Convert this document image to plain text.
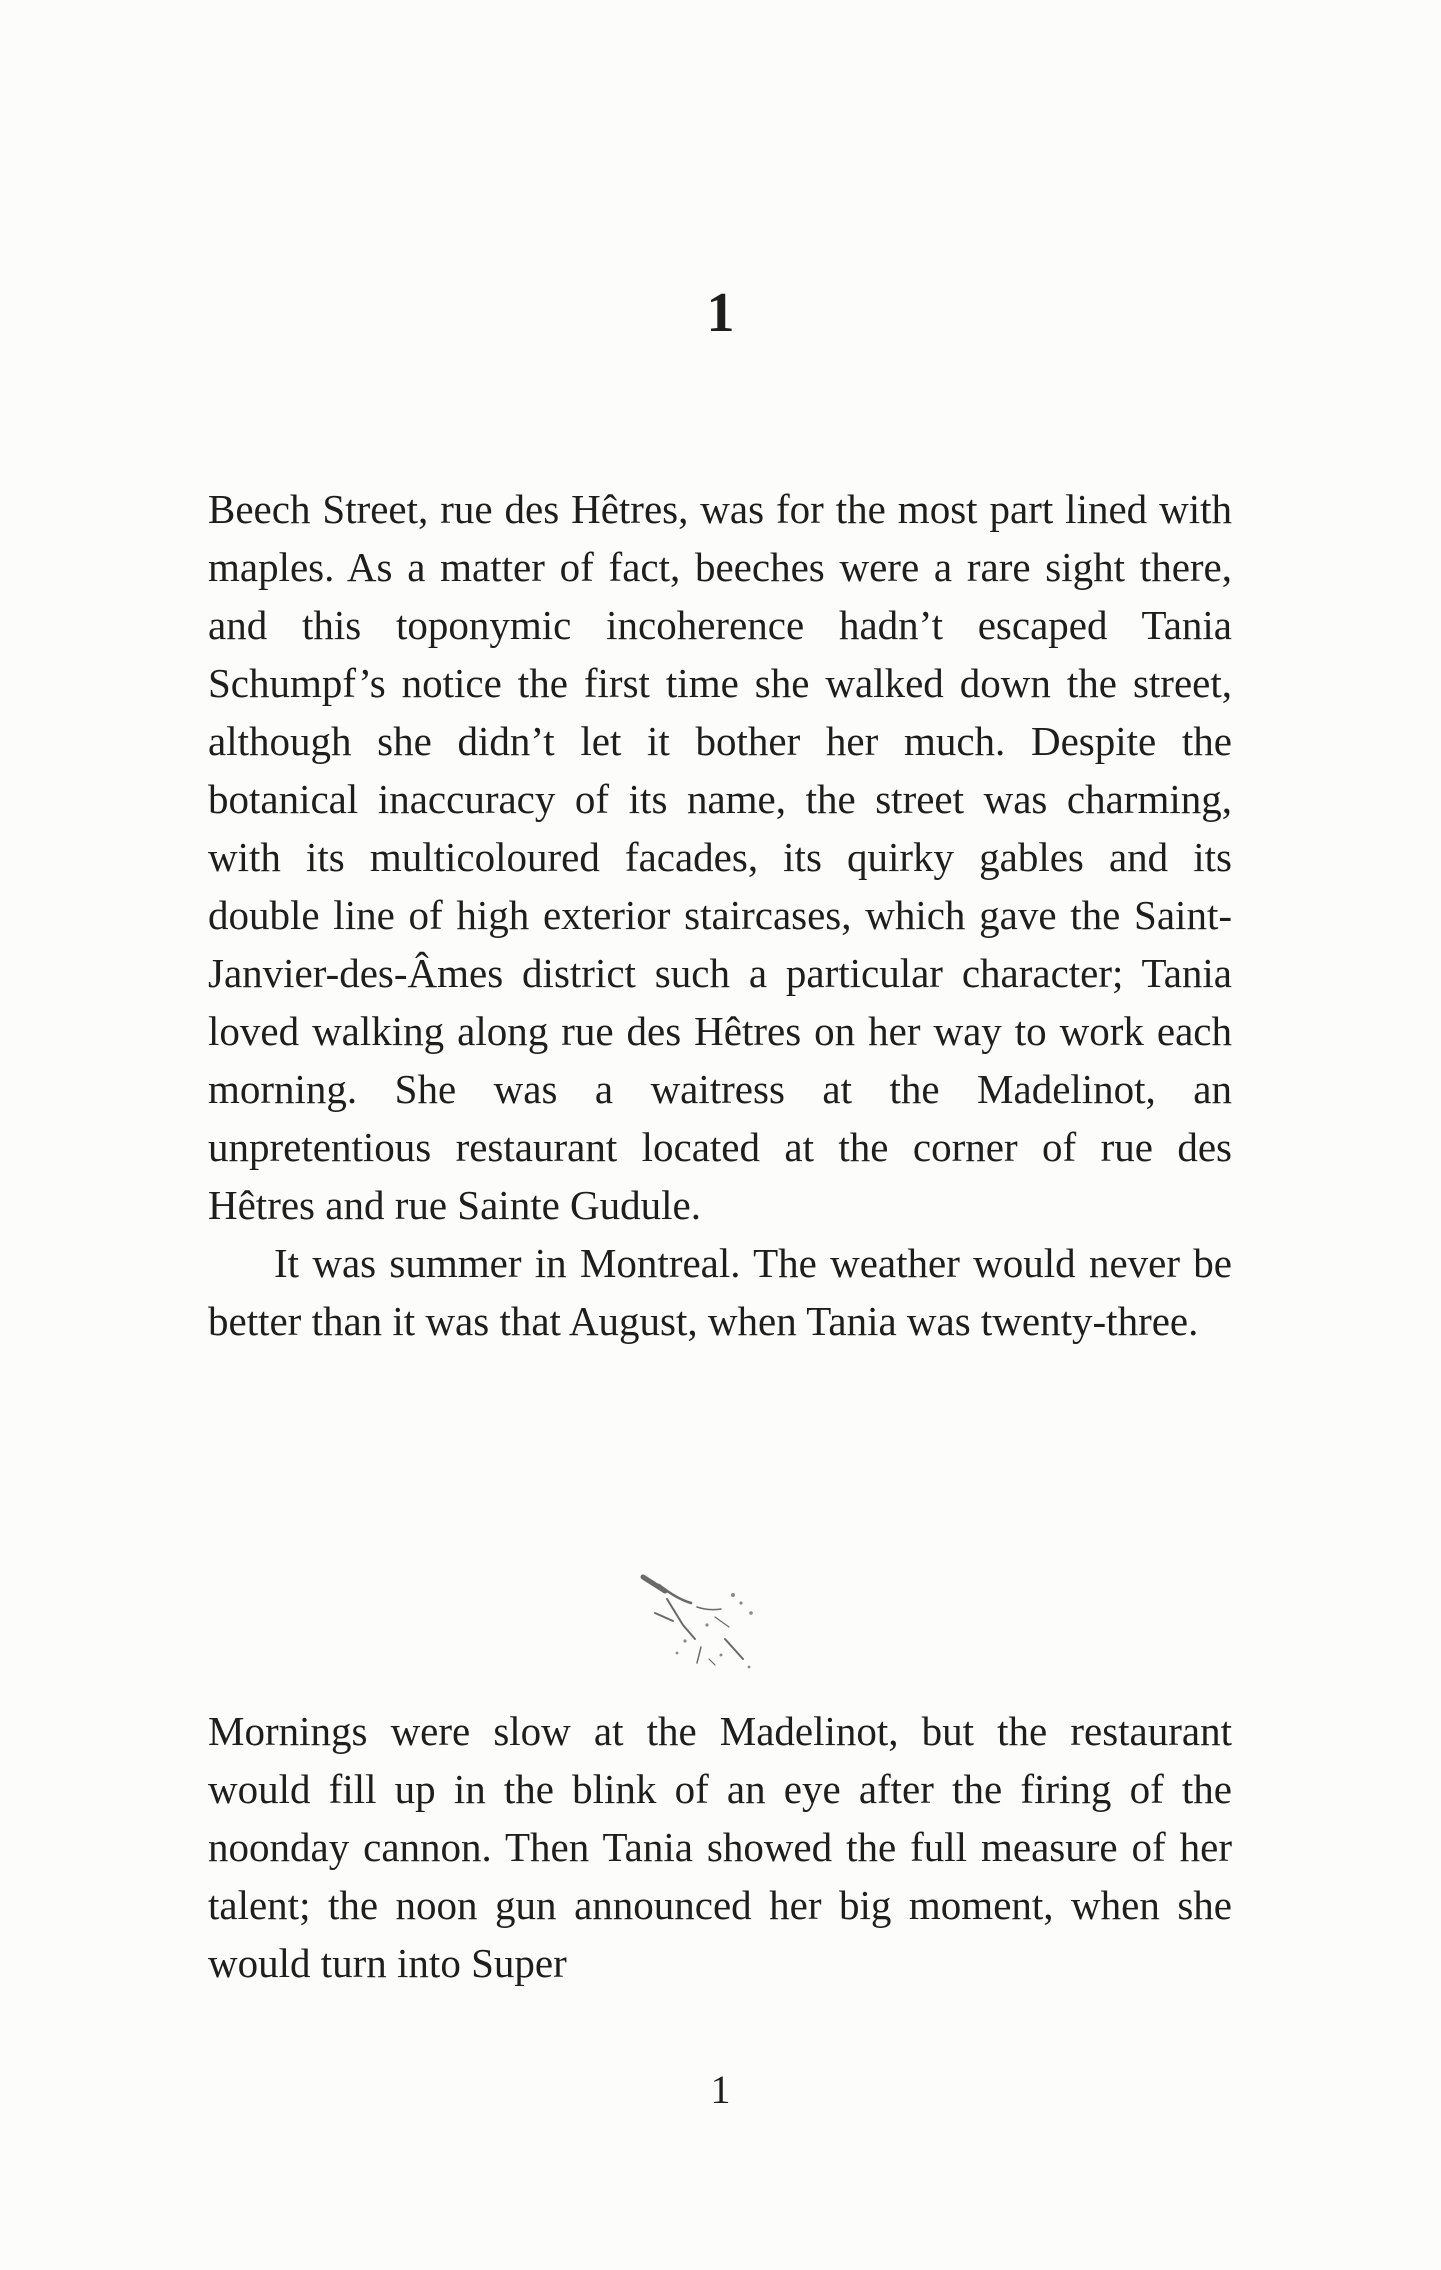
1

Beech Street, rue des Hêtres, was for the most part lined with maples. As a matter of fact, beeches were a rare sight there, and this toponymic incoherence hadn’t escaped Tania Schumpf’s notice the first time she walked down the street, although she didn’t let it bother her much. Despite the botanical inaccuracy of its name, the street was charming, with its multicoloured facades, its quirky gables and its double line of high exterior staircases, which gave the Saint-Janvier-des-Âmes district such a particular character; Tania loved walking along rue des Hêtres on her way to work each morning. She was a waitress at the Madelinot, an unpretentious restaurant located at the corner of rue des Hêtres and rue Sainte Gudule.

It was summer in Montreal. The weather would never be better than it was that August, when Tania was twenty-three.

Mornings were slow at the Madelinot, but the restaurant would fill up in the blink of an eye after the firing of the noonday cannon. Then Tania showed the full measure of her talent; the noon gun announced her big moment, when she would turn into Super

1
